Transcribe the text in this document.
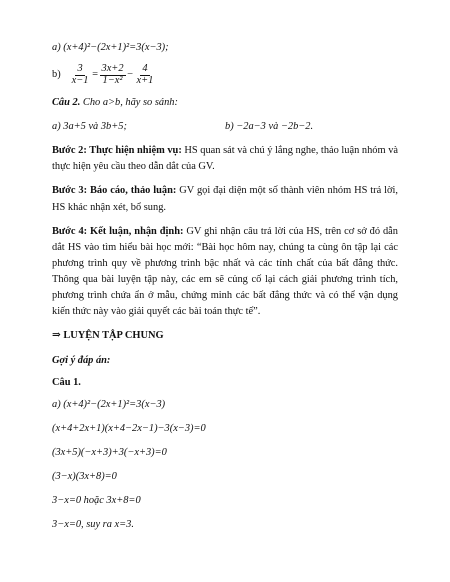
a) (x+4)²−(2x+1)²=3(x−3);
$b) \frac{3}{x-1} = \frac{3x+2}{\text{1−x²}} - \frac{4}{x+1}$
Câu 2. Cho a>b, hãy so sánh:
a) 3a+5 và 3b+5;	b) −2a−3 và −2b−2.
Bước 2: Thực hiện nhiệm vụ: HS quan sát và chú ý lắng nghe, thảo luận nhóm và thực hiện yêu cầu theo dẫn dắt của GV.
Bước 3: Báo cáo, thảo luận: GV gọi đại diện một số thành viên nhóm HS trả lời, HS khác nhận xét, bổ sung.
Bước 4: Kết luận, nhận định: GV ghi nhận câu trả lời của HS, trên cơ sở đó dẫn dắt HS vào tìm hiểu bài học mới: “Bài học hôm nay, chúng ta cùng ôn tập lại các phương trình quy về phương trình bậc nhất và các tính chất của bất đẳng thức. Thông qua bài luyện tập này, các em sẽ củng cố lại cách giải phương trình tích, phương trình chứa ẩn ở mẫu, chứng minh các bất đẳng thức và có thể vận dụng kiến thức này vào giải quyết các bài toán thực tế”.
⇒ LUYỆN TẬP CHUNG
Gợi ý đáp án:
Câu 1.
a) (x+4)²−(2x+1)²=3(x−3)
(x+4+2x+1)(x+4−2x−1)−3(x−3)=0
(3x+5)(−x+3)+3(−x+3)=0
(3−x)(3x+8)=0
3−x=0 hoặc 3x+8=0
3−x=0, suy ra x=3.
